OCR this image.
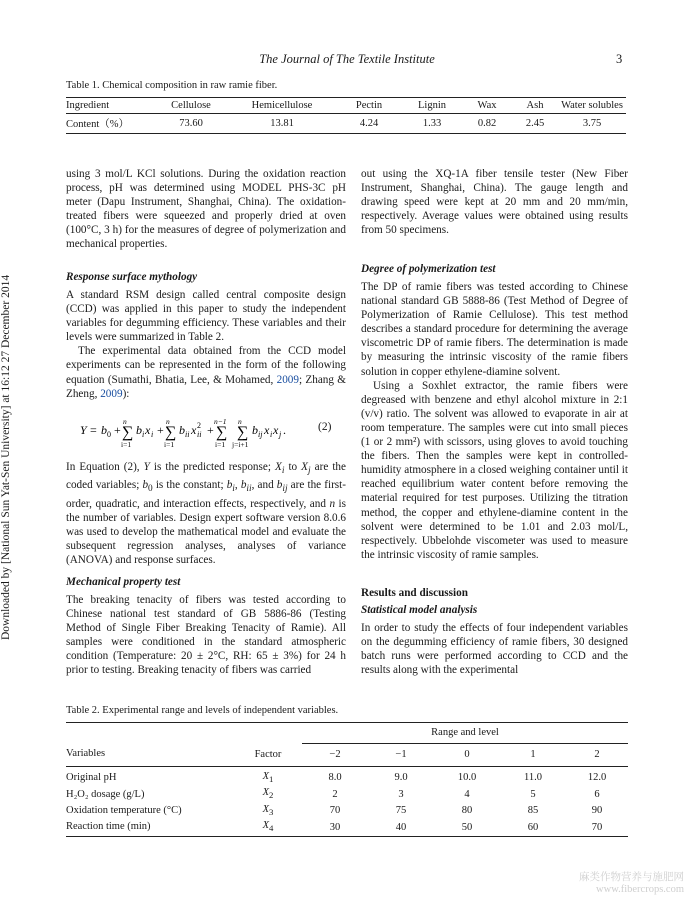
The Journal of The Textile Institute	3
Downloaded by [National Sun Yat-Sen University] at 16:12 27 December 2014
Table 1. Chemical composition in raw ramie fiber.
Ingredient	Cellulose	Hemicellulose	Pectin	Lignin	Wax	Ash	Water solubles
Content（%）	73.60	13.81	4.24	1.33	0.82	2.45	3.75

using 3 mol/L KCl solutions. During the oxidation reaction process, pH was determined using MODEL PHS-3C pH meter (Dapu Instrument, Shanghai, China). The oxidation-treated fibers were squeezed and properly dried at oven (100°C, 3 h) for the measures of degree of polymerization and mechanical properties.

Response surface mythology

A standard RSM design called central composite design (CCD) was applied in this paper to study the independent variables for degumming efficiency. These variables and their levels were summarized in Table 2.

The experimental data obtained from the CCD model experiments can be represented in the form of the following equation (Sumathi, Bhatia, Lee, & Mohamed, 2009; Zhang & Zheng, 2009):

Y = b 0 +
n
∑
i=1
b i x i +
n
∑
i=1
b ii x ii
2 +
n−1
∑
i=1
n
∑
j=i+1
b ij x i x j .	(2)

In Equation (2), Y is the predicted response; $X_i$ to $X_j$ are the coded variables; $b_0$ is the constant; $b_i$, $b_{ii}$, and $b_{ij}$ are the first-order, quadratic, and interaction effects, respectively, and n is the number of variables. Design expert software version 8.0.6 was used to develop the mathematical model and evaluate the subsequent regression analyses, analyses of variance (ANOVA) and response surfaces.

Mechanical property test

The breaking tenacity of fibers was tested according to Chinese national test standard of GB 5886-86 (Testing Method of Single Fiber Breaking Tenacity of Ramie). All samples were conditioned in the standard atmospheric condition (Temperature: 20 ± 2°C, RH: 65 ± 3%) for 24 h prior to testing. Breaking tenacity of fibers was carried

out using the XQ-1A fiber tensile tester (New Fiber Instrument, Shanghai, China). The gauge length and drawing speed were kept at 20 mm and 20 mm/min, respectively. Average values were obtained using results from 50 specimens.

Degree of polymerization test

The DP of ramie fibers was tested according to Chinese national standard GB 5888-86 (Test Method of Degree of Polymerization of Ramie Cellulose). This test method describes a standard procedure for determining the average viscometric DP of ramie fibers. The determination is made by measuring the intrinsic viscosity of the ramie fibers solution in copper ethylene-diamine solvent.

Using a Soxhlet extractor, the ramie fibers were degreased with benzene and ethyl alcohol mixture in 2:1 (v/v) ratio. The solvent was allowed to evaporate in air at room temperature. The samples were cut into small pieces (1 or 2 mm²) with scissors, using gloves to avoid touching the fibers. Then the samples were kept in controlled-humidity atmosphere in a closed weighing container until it reached equilibrium water content before removing the material required for test purposes. Utilizing the titration method, the copper and ethylene-diamine content in the solvent were determined to be 1.01 and 2.03 mol/L, respectively. Ubbelohde viscometer was used to measure the intrinsic viscosity of ramie samples.

Results and discussion
Statistical model analysis

In order to study the effects of four independent variables on the degumming efficiency of ramie fibers, 30 designed batch runs were performed according to CCD and the results along with the experimental

Table 2. Experimental range and levels of independent variables.
		Range and level				
Variables	Factor	−2	−1	0	1	2
Original pH	$X_1$	8.0	9.0	10.0	11.0	12.0
H₂O₂ dosage (g/L)	$X_2$	2	3	4	5	6
Oxidation temperature (°C)	$X_3$	70	75	80	85	90
Reaction time (min)	$X_4$	30	40	50	60	70
麻类作物营养与施肥网
www.fibercrops.com
